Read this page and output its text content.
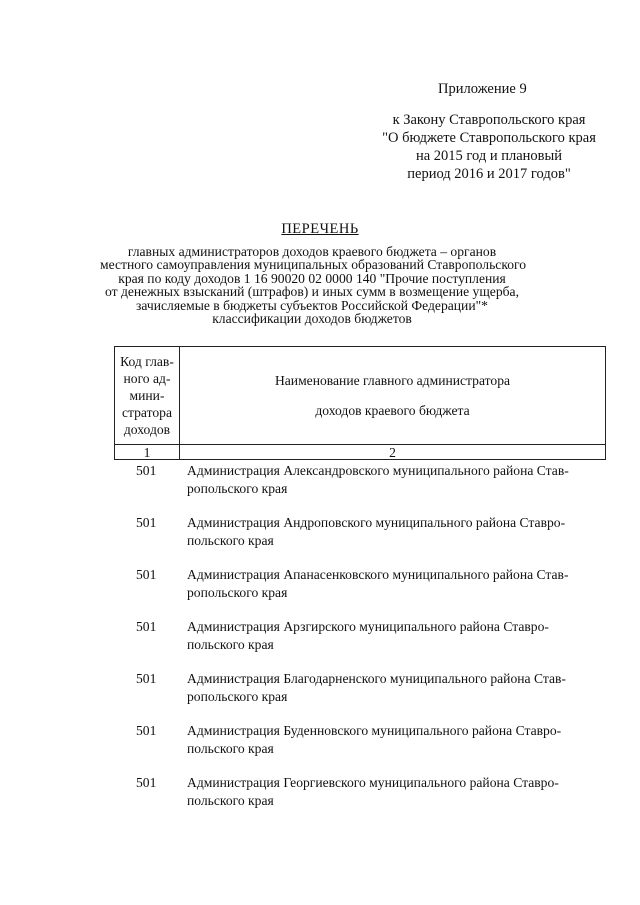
Приложение 9
к Закону Ставропольского края
"О бюджете Ставропольского края
на 2015 год и плановый
период 2016 и 2017 годов"
ПЕРЕЧЕНЬ
главных администраторов доходов краевого бюджета – органов
местного самоуправления муниципальных образований Ставропольского
края по коду доходов 1 16 90020 02 0000 140 "Прочие поступления
от денежных взысканий (штрафов) и иных сумм в возмещение ущерба,
зачисляемые в бюджеты субъектов Российской Федерации"*
классификации доходов бюджетов
Код глав-
ного ад-
мини-
стратора
доходов
Наименование главного администратора
доходов краевого бюджета
1	2
501 Администрация Александровского муниципального района Став-
ропольского края
501 Администрация Андроповского муниципального района Ставро-
польского края
501 Администрация Апанасенковского муниципального района Став-
ропольского края
501 Администрация Арзгирского муниципального района Ставро-
польского края
501 Администрация Благодарненского муниципального района Став-
ропольского края
501 Администрация Буденновского муниципального района Ставро-
польского края
501 Администрация Георгиевского муниципального района Ставро-
польского края
